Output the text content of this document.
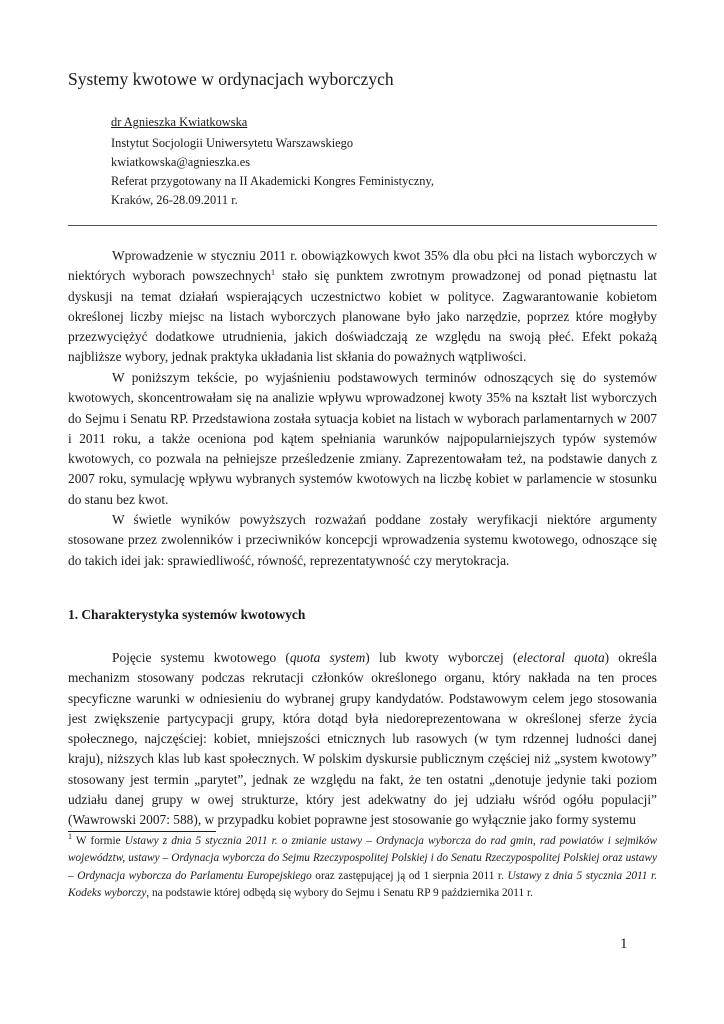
Systemy kwotowe w ordynacjach wyborczych
dr Agnieszka Kwiatkowska
Instytut Socjologii Uniwersytetu Warszawskiego
kwiatkowska@agnieszka.es
Referat przygotowany na II Akademicki Kongres Feministyczny,
Kraków, 26-28.09.2011 r.

Wprowadzenie w styczniu 2011 r. obowiązkowych kwot 35% dla obu płci na listach wyborczych w niektórych wyborach powszechnych$^1$ stało się punktem zwrotnym prowadzonej od ponad piętnastu lat dyskusji na temat działań wspierających uczestnictwo kobiet w polityce. Zagwarantowanie kobietom określonej liczby miejsc na listach wyborczych planowane było jako narzędzie, poprzez które mogłyby przezwyciężyć dodatkowe utrudnienia, jakich doświadczają ze względu na swoją płeć. Efekt pokażą najbliższe wybory, jednak praktyka układania list skłania do poważnych wątpliwości.

W poniższym tekście, po wyjaśnieniu podstawowych terminów odnoszących się do systemów kwotowych, skoncentrowałam się na analizie wpływu wprowadzonej kwoty 35% na kształt list wyborczych do Sejmu i Senatu RP. Przedstawiona została sytuacja kobiet na listach w wyborach parlamentarnych w 2007 i 2011 roku, a także oceniona pod kątem spełniania warunków najpopularniejszych typów systemów kwotowych, co pozwala na pełniejsze prześledzenie zmiany. Zaprezentowałam też, na podstawie danych z 2007 roku, symulację wpływu wybranych systemów kwotowych na liczbę kobiet w parlamencie w stosunku do stanu bez kwot.

W świetle wyników powyższych rozważań poddane zostały weryfikacji niektóre argumenty stosowane przez zwolenników i przeciwników koncepcji wprowadzenia systemu kwotowego, odnoszące się do takich idei jak: sprawiedliwość, równość, reprezentatywność czy merytokracja.

1. Charakterystyka systemów kwotowych

Pojęcie systemu kwotowego (quota system) lub kwoty wyborczej (electoral quota) określa mechanizm stosowany podczas rekrutacji członków określonego organu, który nakłada na ten proces specyficzne warunki w odniesieniu do wybranej grupy kandydatów. Podstawowym celem jego stosowania jest zwiększenie partycypacji grupy, która dotąd była niedoreprezentowana w określonej sferze życia społecznego, najczęściej: kobiet, mniejszości etnicznych lub rasowych (w tym rdzennej ludności danej kraju), niższych klas lub kast społecznych. W polskim dyskursie publicznym częściej niż „system kwotowy” stosowany jest termin „parytet”, jednak ze względu na fakt, że ten ostatni „denotuje jedynie taki poziom udziału danej grupy w owej strukturze, który jest adekwatny do jej udziału wśród ogółu populacji” (Wawrowski 2007: 588), w przypadku kobiet poprawne jest stosowanie go wyłącznie jako formy systemu

$^1$ W formie Ustawy z dnia 5 stycznia 2011 r. o zmianie ustawy – Ordynacja wyborcza do rad gmin, rad powiatów i sejmików województw, ustawy – Ordynacja wyborcza do Sejmu Rzeczypospolitej Polskiej i do Senatu Rzeczypospolitej Polskiej oraz ustawy – Ordynacja wyborcza do Parlamentu Europejskiego oraz zastępującej ją od 1 sierpnia 2011 r. Ustawy z dnia 5 stycznia 2011 r. Kodeks wyborczy, na podstawie której odbędą się wybory do Sejmu i Senatu RP 9 października 2011 r.

1
